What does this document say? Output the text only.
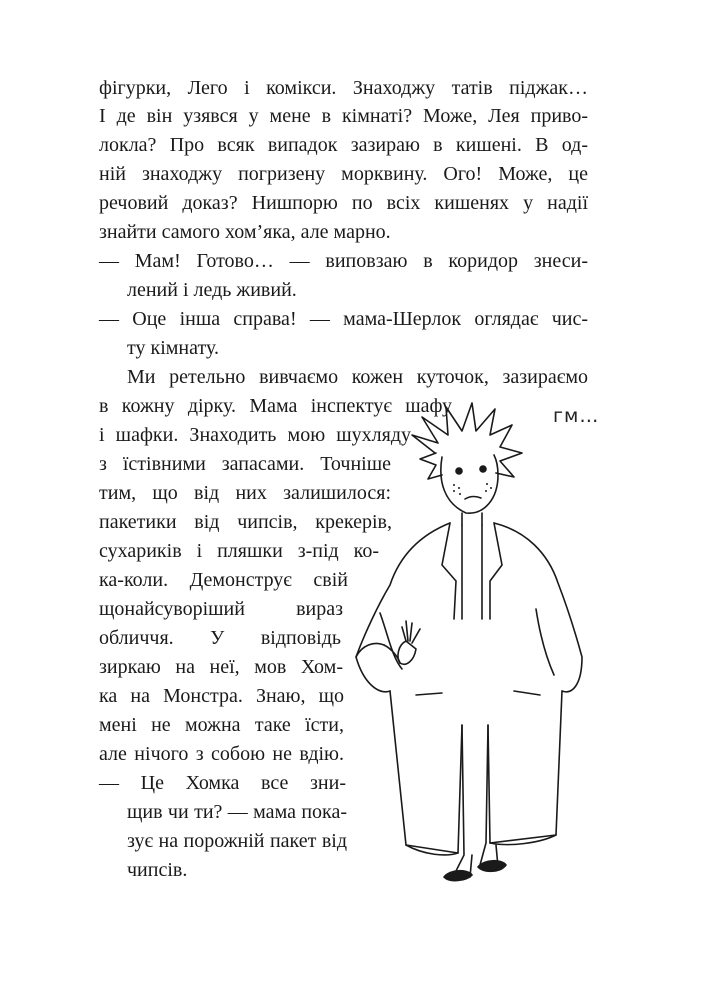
фігурки, Лего і комікси. Знаходжу татів піджак…
І де він узявся у мене в кімнаті? Може, Лея приво-
локла? Про всяк випадок зазираю в кишені. В од-
ній знаходжу погризену морквину. Ого! Може, це
речовий доказ? Нишпорю по всіх кишенях у надії
знайти самого хом’яка, але марно.
— Мам! Готово… — виповзаю в коридор знеси-
лений і ледь живий.
— Оце інша справа! — мама-Шерлок оглядає чис-
ту кімнату.
Ми ретельно вивчаємо кожен куточок, зазираємо
в кожну дірку. Мама інспектує шафу
і шафки. Знаходить мою шухляду
з їстівними запасами. Точніше
тим, що від них залишилося:
пакетики від чипсів, крекерів,
сухариків і пляшки з-під ко-
ка-коли. Демонструє свій
щонайсуворіший вираз
обличчя. У відповідь
зиркаю на неї, мов Хом-
ка на Монстра. Знаю, що
мені не можна таке їсти,
але нічого з собою не вдію.
— Це Хомка все зни-
щив чи ти? — мама пока-
зує на порожній пакет від
чипсів.
гм…
